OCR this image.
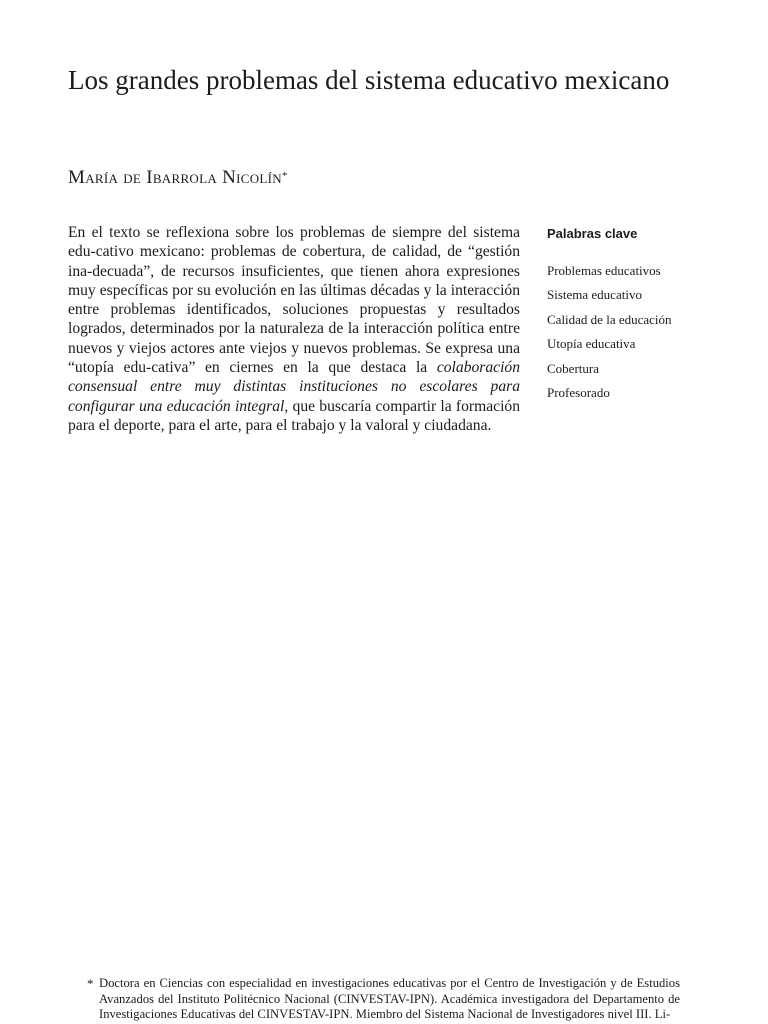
Los grandes problemas del sistema educativo mexicano
María de Ibarrola Nicolín*

En el texto se reflexiona sobre los problemas de siempre del sistema edu-cativo mexicano: problemas de cobertura, de calidad, de “gestión ina-decuada”, de recursos insuficientes, que tienen ahora expresiones muy específicas por su evolución en las últimas décadas y la interacción entre problemas identificados, soluciones propuestas y resultados logrados, determinados por la naturaleza de la interacción política entre nuevos y viejos actores ante viejos y nuevos problemas. Se expresa una “utopía edu-cativa” en ciernes en la que destaca la colaboración consensual entre muy distintas instituciones no escolares para configurar una educación integral, que buscaría compartir la formación para el deporte, para el arte, para el trabajo y la valoral y ciudadana.

Palabras clave
Problemas educativos
Sistema educativo
Calidad de la educación
Utopía educativa
Cobertura
Profesorado
* Doctora en Ciencias con especialidad en investigaciones educativas por el Centro de Investigación y de Estudios Avanzados del Instituto Politécnico Nacional (CINVESTAV-IPN). Académica investigadora del Departamento de Investigaciones Educativas del CINVESTAV-IPN. Miembro del Sistema Nacional de Investigadores nivel III. Li-
